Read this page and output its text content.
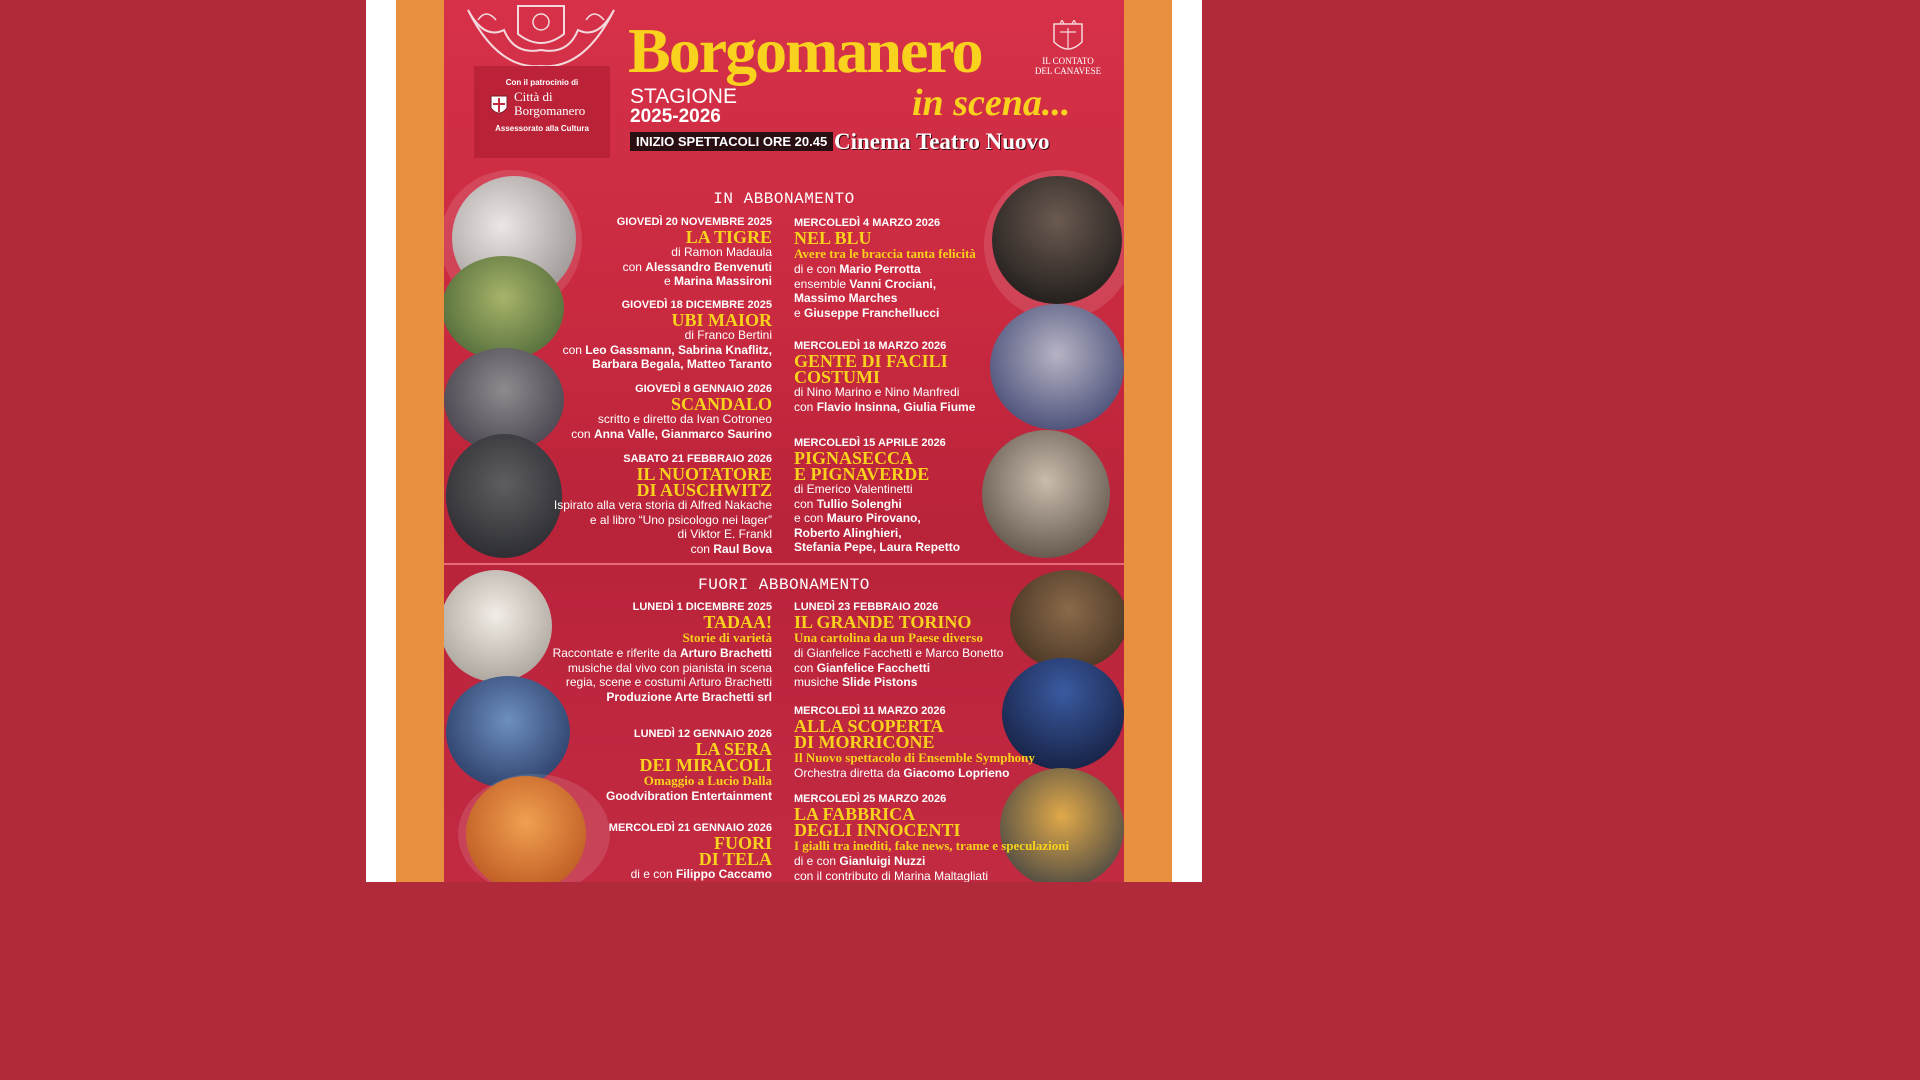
Con il patrocinio di
Città di
Borgomanero
Assessorato alla Cultura
Borgomanero
in scena...
STAGIONE
2025-2026
INIZIO SPETTACOLI ORE 20.45 Cinema Teatro Nuovo
IL CONTATO
DEL CANAVESE
IN ABBONAMENTO
FUORI ABBONAMENTO
GIOVEDÌ 20 NOVEMBRE 2025
LA TIGRE
di Ramon Madaula
con Alessandro Benvenuti
e Marina Massironi
GIOVEDÌ 18 DICEMBRE 2025
UBI MAIOR
di Franco Bertini
con Leo Gassmann, Sabrina Knaflitz,
Barbara Begala, Matteo Taranto
GIOVEDÌ 8 GENNAIO 2026
SCANDALO
scritto e diretto da Ivan Cotroneo
con Anna Valle, Gianmarco Saurino
SABATO 21 FEBBRAIO 2026
IL NUOTATORE
DI AUSCHWITZ
Ispirato alla vera storia di Alfred Nakache
e al libro “Uno psicologo nei lager”
di Viktor E. Frankl
con Raul Bova
MERCOLEDÌ 4 MARZO 2026
NEL BLU
Avere tra le braccia tanta felicità
di e con Mario Perrotta
ensemble Vanni Crociani,
Massimo Marches
e Giuseppe Franchellucci
MERCOLEDÌ 18 MARZO 2026
GENTE DI FACILI
COSTUMI
di Nino Marino e Nino Manfredi
con Flavio Insinna, Giulia Fiume
MERCOLEDÌ 15 APRILE 2026
PIGNASECCA
E PIGNAVERDE
di Emerico Valentinetti
con Tullio Solenghi
e con Mauro Pirovano,
Roberto Alinghieri,
Stefania Pepe, Laura Repetto
LUNEDÌ 1 DICEMBRE 2025
TADAA!
Storie di varietà
Raccontate e riferite da Arturo Brachetti
musiche dal vivo con pianista in scena
regia, scene e costumi Arturo Brachetti
Produzione Arte Brachetti srl
LUNEDÌ 12 GENNAIO 2026
LA SERA
DEI MIRACOLI
Omaggio a Lucio Dalla
Goodvibration Entertainment
MERCOLEDÌ 21 GENNAIO 2026
FUORI
DI TELA
di e con Filippo Caccamo
LUNEDÌ 23 FEBBRAIO 2026
IL GRANDE TORINO
Una cartolina da un Paese diverso
di Gianfelice Facchetti e Marco Bonetto
con Gianfelice Facchetti
musiche Slide Pistons
MERCOLEDÌ 11 MARZO 2026
ALLA SCOPERTA
DI MORRICONE
Il Nuovo spettacolo di Ensemble Symphony
Orchestra diretta da Giacomo Loprieno
MERCOLEDÌ 25 MARZO 2026
LA FABBRICA
DEGLI INNOCENTI
I gialli tra inediti, fake news, trame e speculazioni
di e con Gianluigi Nuzzi
con il contributo di Marina Maltagliati
